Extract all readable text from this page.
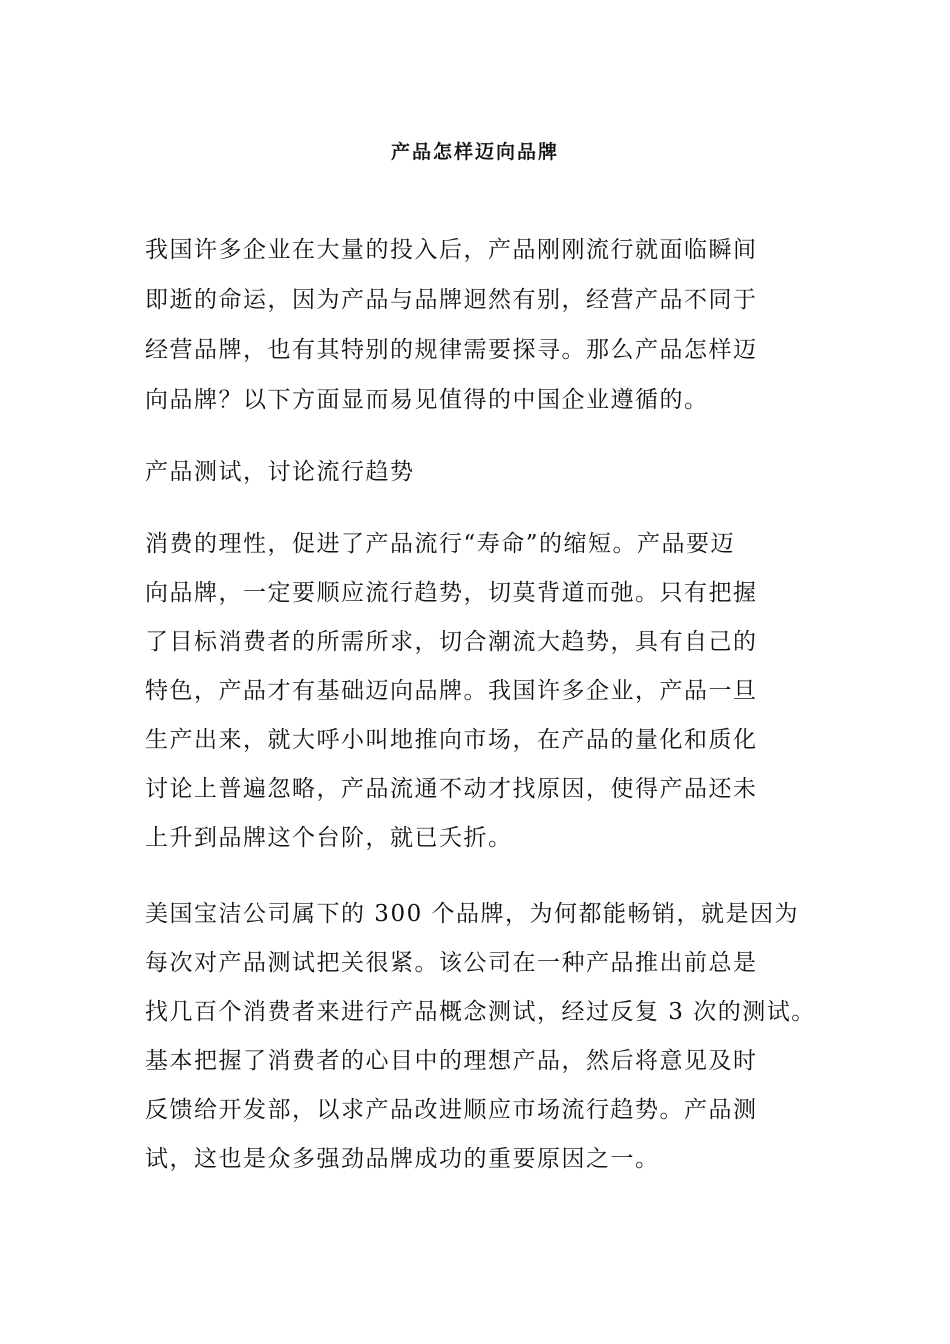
产品怎样迈向品牌
我国许多企业在大量的投入后，产品刚刚流行就面临瞬间
即逝的命运，因为产品与品牌迥然有别，经营产品不同于
经营品牌，也有其特别的规律需要探寻。那么产品怎样迈
向品牌？以下方面显而易见值得的中国企业遵循的。
产品测试，讨论流行趋势
消费的理性，促进了产品流行“寿命”的缩短。产品要迈
向品牌，一定要顺应流行趋势，切莫背道而弛。只有把握
了目标消费者的所需所求，切合潮流大趋势，具有自己的
特色，产品才有基础迈向品牌。我国许多企业，产品一旦
生产出来，就大呼小叫地推向市场，在产品的量化和质化
讨论上普遍忽略，产品流通不动才找原因，使得产品还未
上升到品牌这个台阶，就已夭折。
美国宝洁公司属下的 300 个品牌，为何都能畅销，就是因为
每次对产品测试把关很紧。该公司在一种产品推出前总是
找几百个消费者来进行产品概念测试，经过反复 3 次的测试。
基本把握了消费者的心目中的理想产品，然后将意见及时
反馈给开发部，以求产品改进顺应市场流行趋势。产品测
试，这也是众多强劲品牌成功的重要原因之一。
